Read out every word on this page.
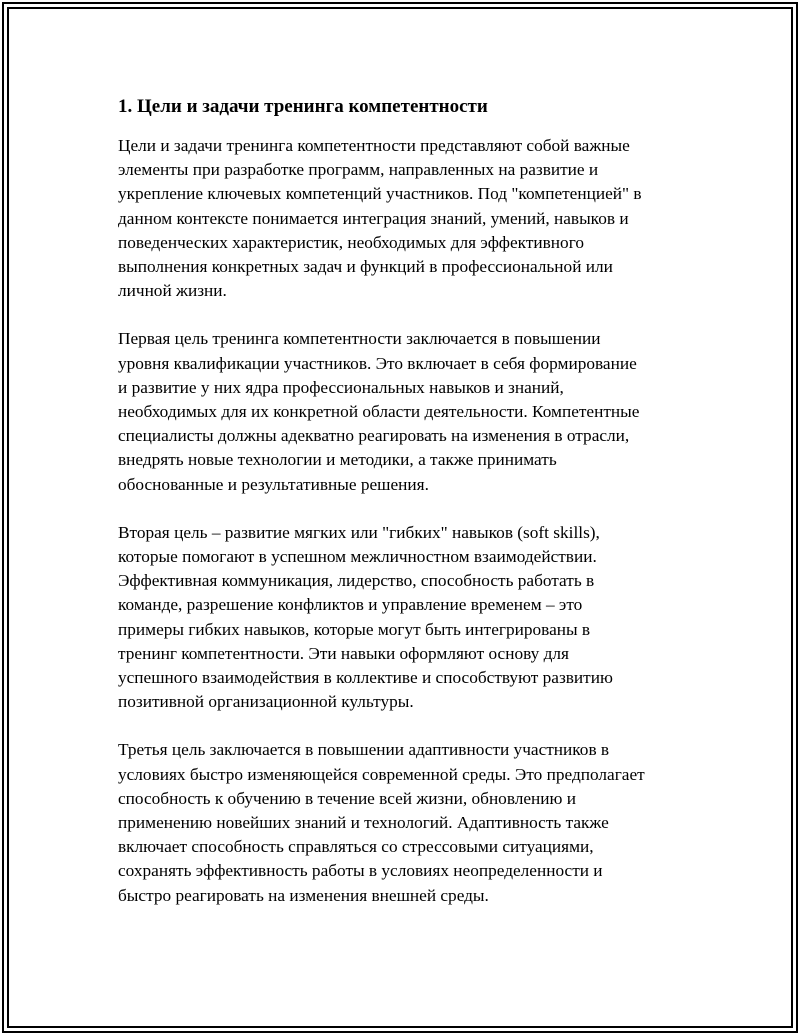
1. Цели и задачи тренинга компетентности
Цели и задачи тренинга компетентности представляют собой важные
элементы при разработке программ, направленных на развитие и
укрепление ключевых компетенций участников. Под "компетенцией" в
данном контексте понимается интеграция знаний, умений, навыков и
поведенческих характеристик, необходимых для эффективного
выполнения конкретных задач и функций в профессиональной или
личной жизни.
Первая цель тренинга компетентности заключается в повышении
уровня квалификации участников. Это включает в себя формирование
и развитие у них ядра профессиональных навыков и знаний,
необходимых для их конкретной области деятельности. Компетентные
специалисты должны адекватно реагировать на изменения в отрасли,
внедрять новые технологии и методики, а также принимать
обоснованные и результативные решения.
Вторая цель – развитие мягких или "гибких" навыков (soft skills),
которые помогают в успешном межличностном взаимодействии.
Эффективная коммуникация, лидерство, способность работать в
команде, разрешение конфликтов и управление временем – это
примеры гибких навыков, которые могут быть интегрированы в
тренинг компетентности. Эти навыки оформляют основу для
успешного взаимодействия в коллективе и способствуют развитию
позитивной организационной культуры.
Третья цель заключается в повышении адаптивности участников в
условиях быстро изменяющейся современной среды. Это предполагает
способность к обучению в течение всей жизни, обновлению и
применению новейших знаний и технологий. Адаптивность также
включает способность справляться со стрессовыми ситуациями,
сохранять эффективность работы в условиях неопределенности и
быстро реагировать на изменения внешней среды.
